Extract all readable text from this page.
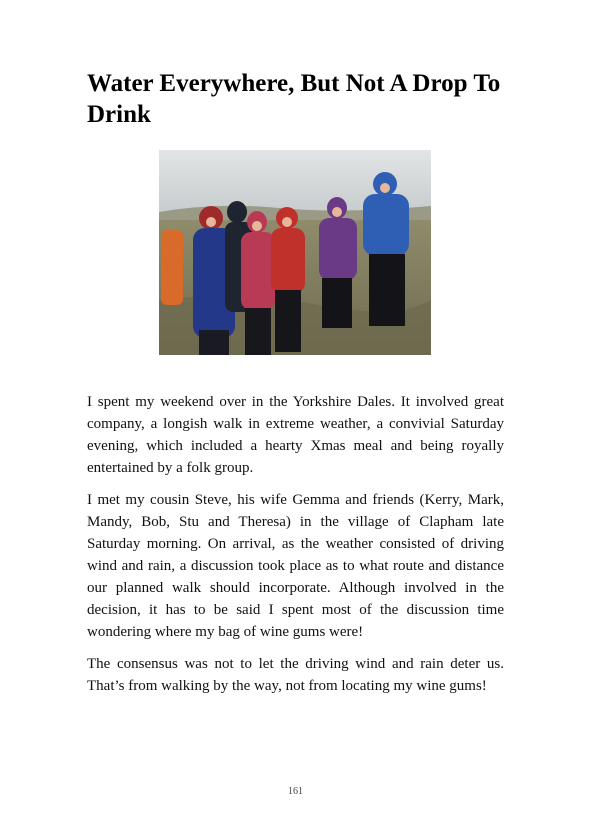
Water Everywhere, But Not A Drop To Drink

I spent my weekend over in the Yorkshire Dales. It involved great company, a longish walk in extreme weather, a convivial Saturday evening, which included a hearty Xmas meal and being royally entertained by a folk group.

I met my cousin Steve, his wife Gemma and friends (Kerry, Mark, Mandy, Bob, Stu and Theresa) in the village of Clapham late Saturday morning. On arrival, as the weather consisted of driving wind and rain, a discussion took place as to what route and distance our planned walk should incorporate. Although involved in the decision, it has to be said I spent most of the discussion time wondering where my bag of wine gums were!

The consensus was not to let the driving wind and rain deter us. That’s from walking by the way, not from locating my wine gums!

161
